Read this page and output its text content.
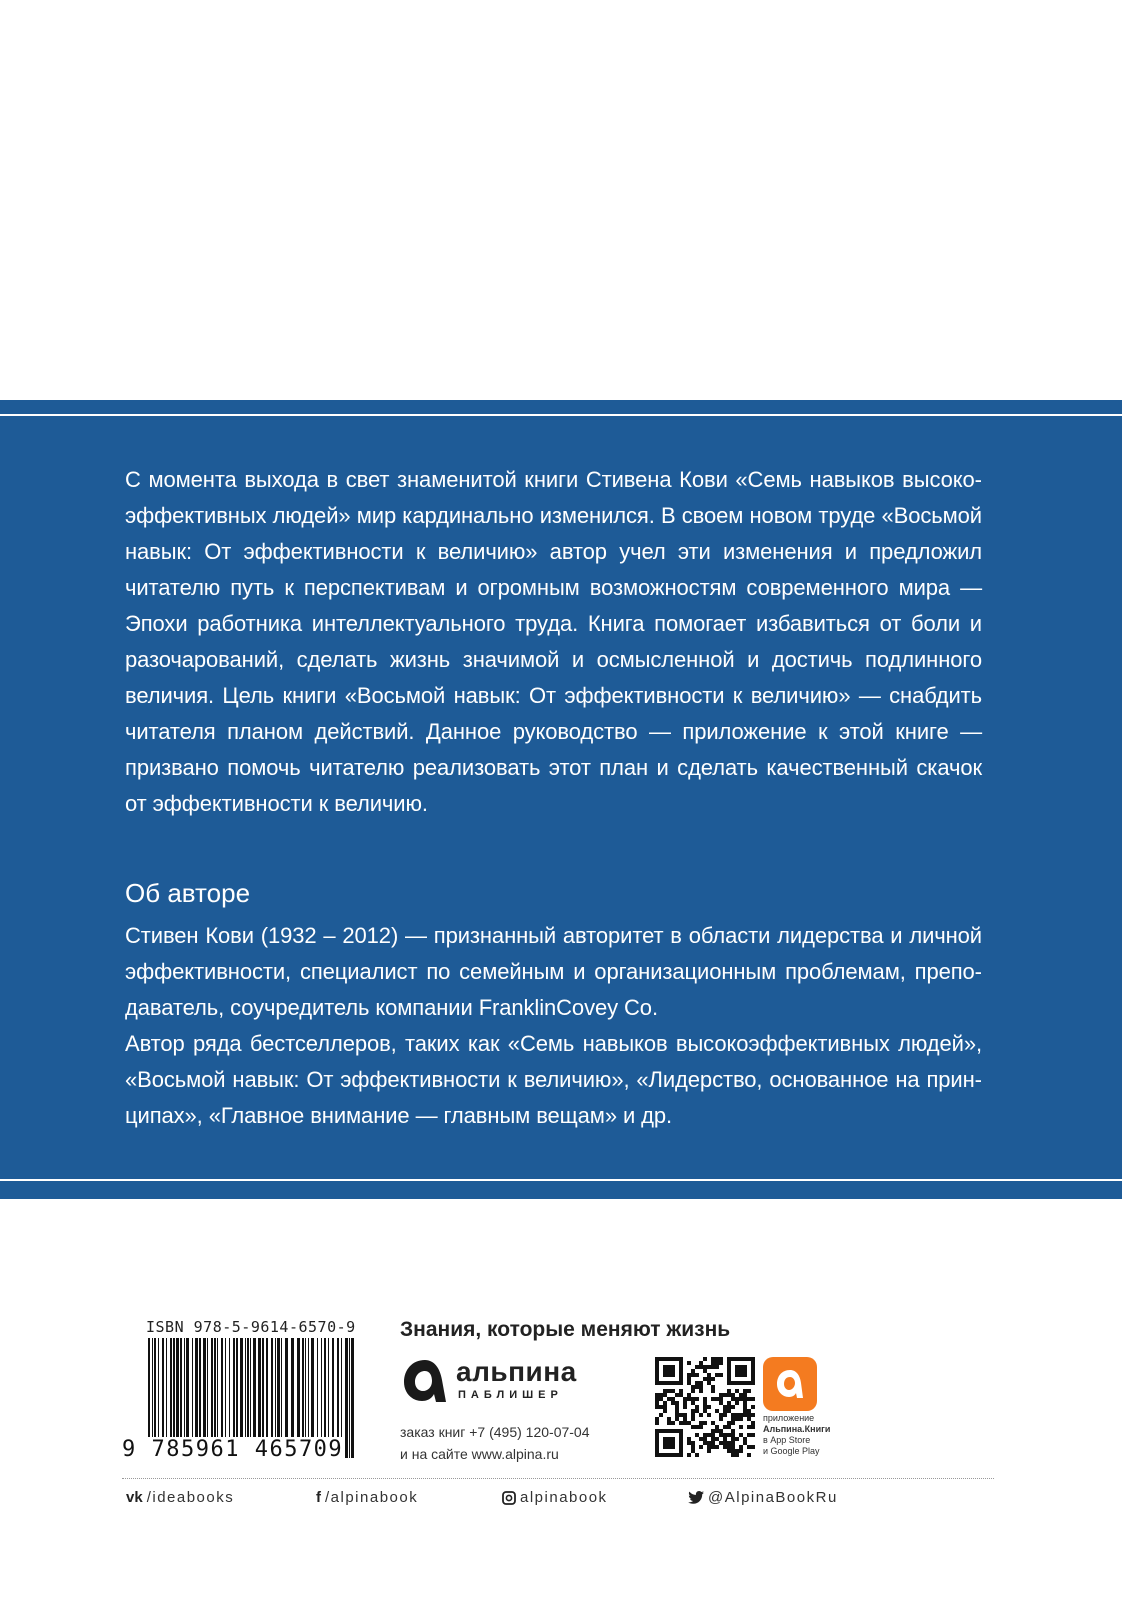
С момента выхода в свет знаменитой книги Стивена Кови «Семь навыков высокоэффективных людей» мир кардинально изменился. В своем новом труде «Восьмой навык: От эффективности к величию» автор учел эти изменения и предложил читателю путь к перспективам и огромным возможностям современного мира — Эпохи работника интеллектуального труда. Книга помогает избавиться от боли и разочарований, сделать жизнь значимой и осмысленной и достичь подлинного величия. Цель книги «Восьмой навык: От эффективности к величию» — снабдить читателя планом действий. Данное руководство — приложение к этой книге — призвано помочь читателю реализовать этот план и сделать качественный скачок от эффективности к величию.

Об авторе

Стивен Кови (1932 – 2012) — признанный авторитет в области лидерства и личной эффективности, специалист по семейным и организационным проблемам, преподаватель, соучредитель компании FranklinCovey Co.

Автор ряда бестселлеров, таких как «Семь навыков высокоэффективных людей», «Восьмой навык: От эффективности к величию», «Лидерство, основанное на принципах», «Главное внимание — главным вещам» и др.

ISBN 978-5-9614-6570-9
9 785961 465709
Знания, которые меняют жизнь
альпина
ПАБЛИШЕР
заказ книг +7 (495) 120-07-04
и на сайте www.alpina.ru
приложение
Альпина.Книги
в App Store
и Google Play
vk /ideabooks	f /alpinabook	alpinabook	@AlpinaBookRu
